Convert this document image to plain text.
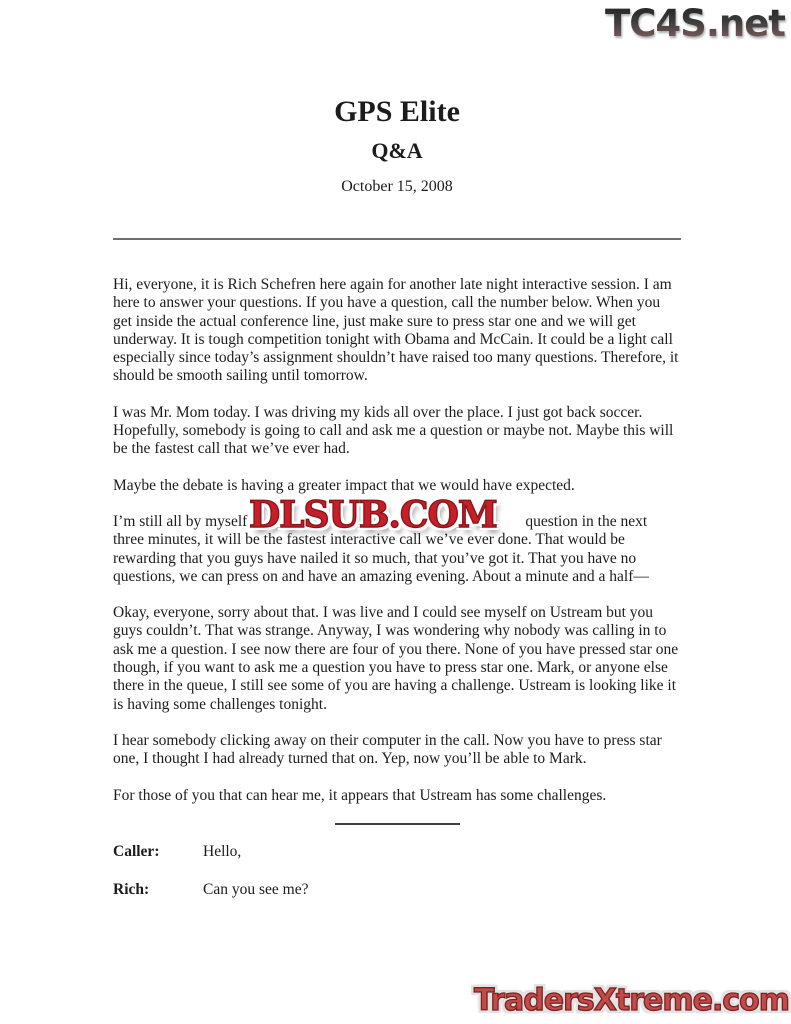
TC4S.net
GPS Elite
Q&A
October 15, 2008

Hi, everyone, it is Rich Schefren here again for another late night interactive session. I am here to answer your questions. If you have a question, call the number below. When you get inside the actual conference line, just make sure to press star one and we will get underway. It is tough competition tonight with Obama and McCain. It could be a light call especially since today’s assignment shouldn’t have raised too many questions. Therefore, it should be smooth sailing until tomorrow.

I was Mr. Mom today. I was driving my kids all over the place. I just got back soccer. Hopefully, somebody is going to call and ask me a question or maybe not. Maybe this will be the fastest call that we’ve ever had.

Maybe the debate is having a greater impact that we would have expected.

I’m still all by myself	question in the next three minutes, it will be the fastest interactive call we’ve ever done. That would be rewarding that you guys have nailed it so much, that you’ve got it. That you have no questions, we can press on and have an amazing evening. About a minute and a half—
DLSUB.COM

Okay, everyone, sorry about that. I was live and I could see myself on Ustream but you guys couldn’t. That was strange. Anyway, I was wondering why nobody was calling in to ask me a question. I see now there are four of you there. None of you have pressed star one though, if you want to ask me a question you have to press star one. Mark, or anyone else there in the queue, I still see some of you are having a challenge. Ustream is looking like it is having some challenges tonight.

I hear somebody clicking away on their computer in the call. Now you have to press star one, I thought I had already turned that on. Yep, now you’ll be able to Mark.

For those of you that can hear me, it appears that Ustream has some challenges.

Caller:	Hello,
Rich:	Can you see me?
TradersXtreme.com
